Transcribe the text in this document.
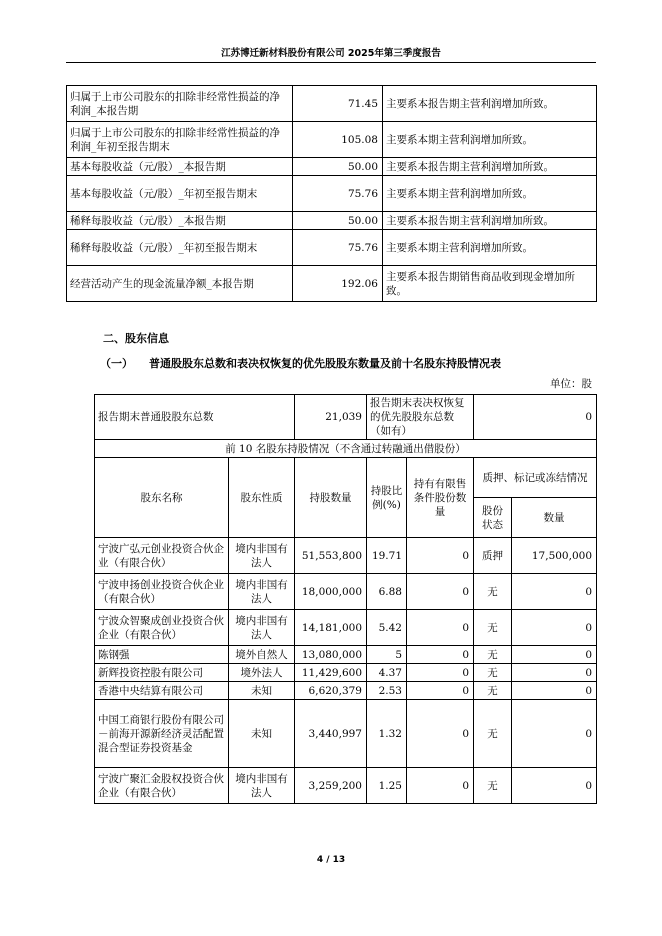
江苏博迁新材料股份有限公司 2025年第三季度报告
归属于上市公司股东的扣除非经常性损益的净利润_本报告期	71.45	主要系本报告期主营利润增加所致。
归属于上市公司股东的扣除非经常性损益的净利润_年初至报告期末	105.08	主要系本期主营利润增加所致。
基本每股收益（元/股）_本报告期	50.00	主要系本报告期主营利润增加所致。
基本每股收益（元/股）_年初至报告期末	75.76	主要系本期主营利润增加所致。
稀释每股收益（元/股）_本报告期	50.00	主要系本报告期主营利润增加所致。
稀释每股收益（元/股）_年初至报告期末	75.76	主要系本期主营利润增加所致。
经营活动产生的现金流量净额_本报告期	192.06	主要系本报告期销售商品收到现金增加所致。
二、股东信息
（一） 普通股股东总数和表决权恢复的优先股股东数量及前十名股东持股情况表
单位：股
报告期末普通股股东总数		21,039	报告期末表决权恢复的优先股股东总数（如有）		0	
前 10 名股东持股情况（不含通过转融通出借股份）						
股东名称	股东性质	持股数量	持股比例(%)	持有有限售条件股份数量	质押、标记或冻结情况	
					股份状态	数量
宁波广弘元创业投资合伙企业（有限合伙）	境内非国有法人	51,553,800	19.71	0	质押	17,500,000
宁波申扬创业投资合伙企业（有限合伙）	境内非国有法人	18,000,000	6.88	0	无	0
宁波众智聚成创业投资合伙企业（有限合伙）	境内非国有法人	14,181,000	5.42	0	无	0
陈钢强	境外自然人	13,080,000	5	0	无	0
新辉投资控股有限公司	境外法人	11,429,600	4.37	0	无	0
香港中央结算有限公司	未知	6,620,379	2.53	0	无	0
中国工商银行股份有限公司－前海开源新经济灵活配置混合型证券投资基金	未知	3,440,997	1.32	0	无	0
宁波广聚汇金股权投资合伙企业（有限合伙）	境内非国有法人	3,259,200	1.25	0	无	0
4 / 13
